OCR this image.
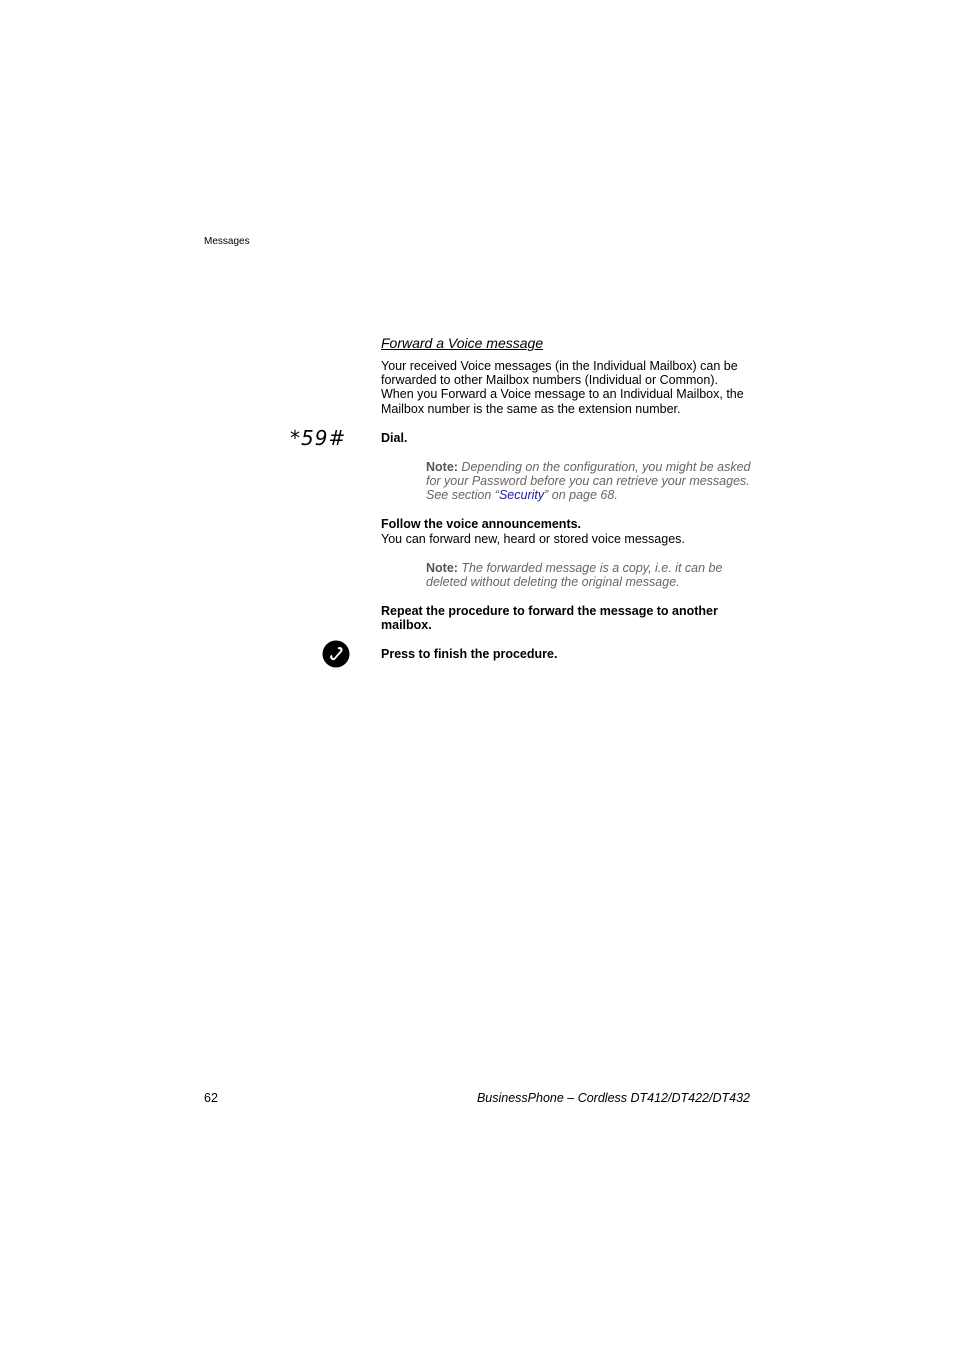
Messages
Forward a Voice message
Your received Voice messages (in the Individual Mailbox) can be forwarded to other Mailbox numbers (Individual or Common). When you Forward a Voice message to an Individual Mailbox, the Mailbox number is the same as the extension number.
*59#	Dial.
Note: Depending on the configuration, you might be asked for your Password before you can retrieve your messages. See section “Security” on page 68.
Follow the voice announcements.
You can forward new, heard or stored voice messages.
Note: The forwarded message is a copy, i.e. it can be deleted without deleting the original message.
Repeat the procedure to forward the message to another mailbox.
Press to finish the procedure.
62	BusinessPhone – Cordless DT412/DT422/DT432
